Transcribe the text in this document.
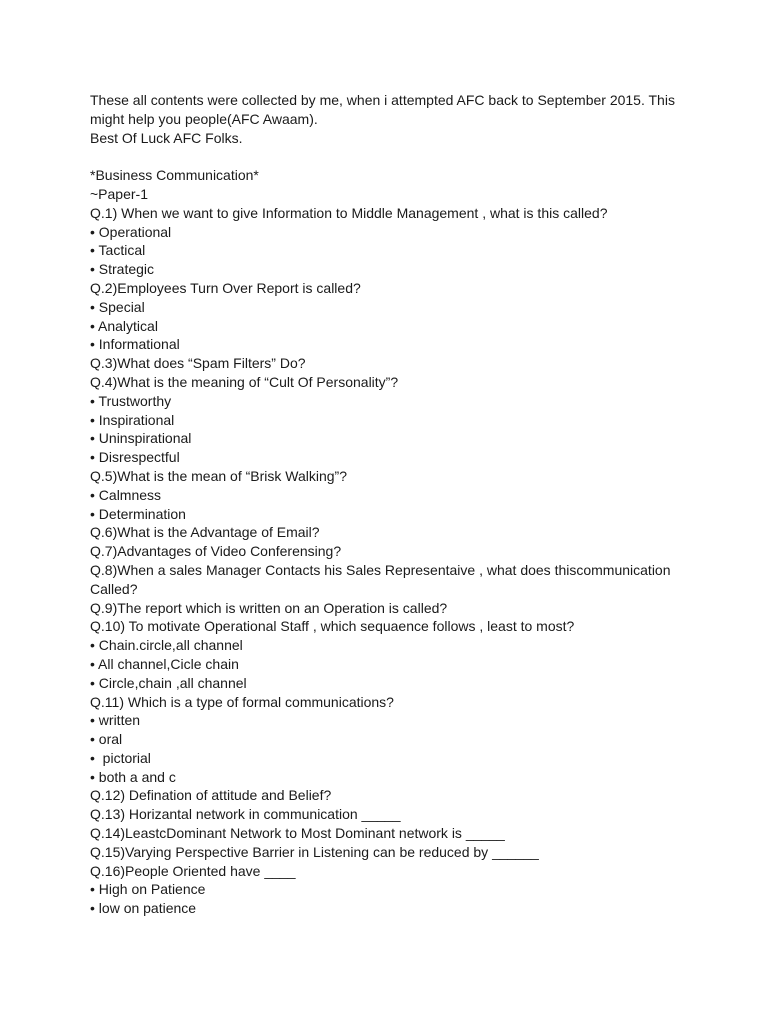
These all contents were collected by me, when i attempted AFC back to September 2015. This might help you people(AFC Awaam).
Best Of Luck AFC Folks.
*Business Communication*
~Paper-1
Q.1) When we want to give Information to Middle Management , what is this called?
• Operational
• Tactical
• Strategic
Q.2)Employees Turn Over Report is called?
• Special
• Analytical
• Informational
Q.3)What does “Spam Filters” Do?
Q.4)What is the meaning of “Cult Of Personality”?
• Trustworthy
• Inspirational
• Uninspirational
• Disrespectful
Q.5)What is the mean of “Brisk Walking”?
• Calmness
• Determination
Q.6)What is the Advantage of Email?
Q.7)Advantages of Video Conferensing?
Q.8)When a sales Manager Contacts his Sales Representaive , what does thiscommunication Called?
Q.9)The report which is written on an Operation is called?
Q.10) To motivate Operational Staff , which sequaence follows , least to most?
• Chain.circle,all channel
• All channel,Cicle chain
• Circle,chain ,all channel
Q.11) Which is a type of formal communications?
• written
• oral
•  pictorial
• both a and c
Q.12) Defination of attitude and Belief?
Q.13) Horizantal network in communication _____
Q.14)LeastcDominant Network to Most Dominant network is _____
Q.15)Varying Perspective Barrier in Listening can be reduced by ______
Q.16)People Oriented have ____
• High on Patience
• low on patience
